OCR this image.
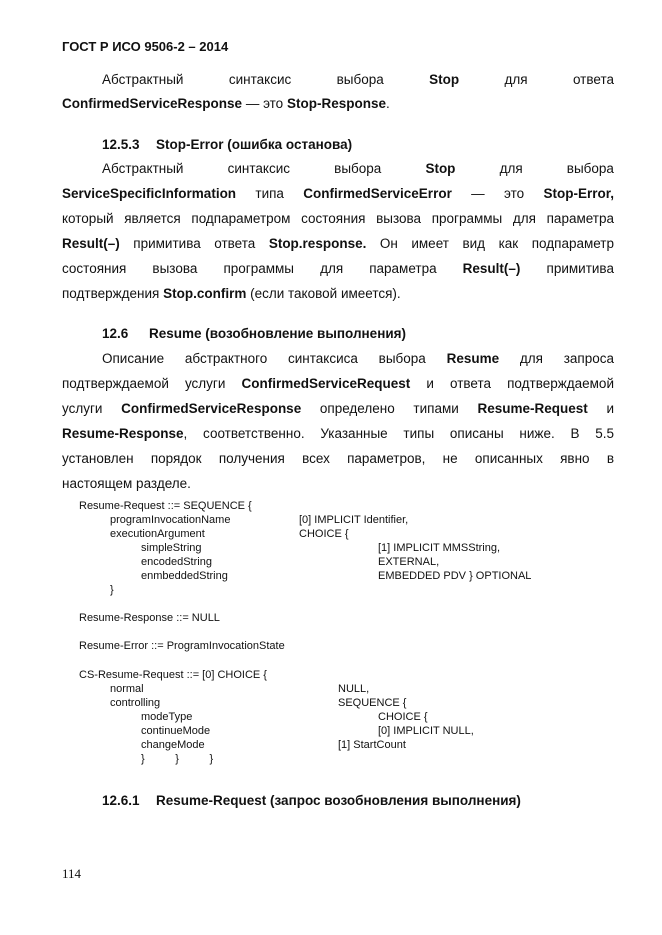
ГОСТ Р ИСО 9506-2 – 2014
Абстрактный	синтаксис	выбора	Stop	для	ответа
ConfirmedServiceResponse — это Stop-Response.
12.5.3 Stop-Error (ошибка останова)
Абстрактный	синтаксис	выбора	Stop	для	выбора
ServiceSpecificInformation типа ConfirmedServiceError — это Stop-Error,
который является подпараметром состояния вызова программы для параметра
Result(–) примитива ответа Stop.response. Он имеет вид как подпараметр
состояния вызова программы для параметра Result(–) примитива
подтверждения Stop.confirm (если таковой имеется).
12.6 Resume (возобновление выполнения)
Описание абстрактного синтаксиса выбора Resume для запроса
подтверждаемой услуги ConfirmedServiceRequest и ответа подтверждаемой
услуги ConfirmedServiceResponse определено типами Resume-Request и
Resume-Response, соответственно. Указанные типы описаны ниже. В 5.5
установлен порядок получения всех параметров, не описанных явно в
настоящем разделе.
Resume-Request ::= SEQUENCE {
programInvocationName	[0] IMPLICIT Identifier,
executionArgument	CHOICE {
simpleString	[1] IMPLICIT MMSString,
encodedString	EXTERNAL,
enmbeddedString	EMBEDDED PDV } OPTIONAL
}
Resume-Response ::= NULL
Resume-Error ::= ProgramInvocationState
CS-Resume-Request ::= [0] CHOICE {
normal	NULL,
controlling	SEQUENCE {
modeType	CHOICE {
continueMode	[0] IMPLICIT NULL,
changeMode	[1] StartCount
}          }          }
12.6.1 Resume-Request (запрос возобновления выполнения)
114
